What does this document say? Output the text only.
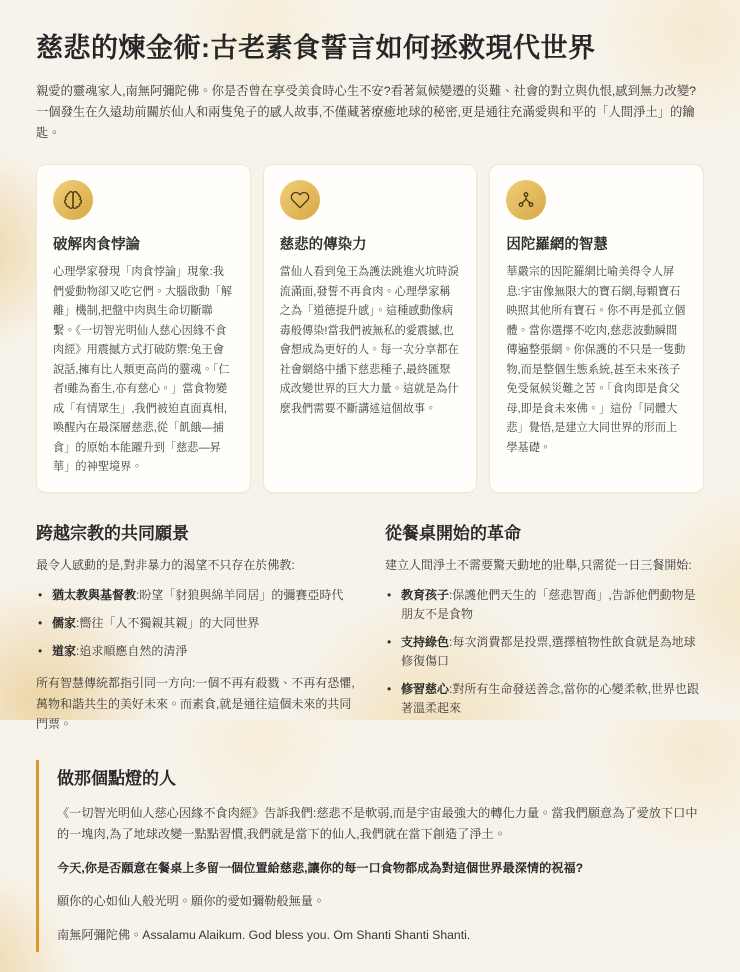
慈悲的煉金術:古老素食誓言如何拯救現代世界

親愛的靈魂家人,南無阿彌陀佛。你是否曾在享受美食時心生不安?看著氣候變遷的災難、社會的對立與仇恨,感到無力改變?一個發生在久遠劫前關於仙人和兩隻兔子的感人故事,不僅藏著療癒地球的秘密,更是通往充滿愛與和平的「人間淨土」的鑰匙。

破解肉食悖論

心理學家發現「肉食悖論」現象:我們愛動物卻又吃它們。大腦啟動「解離」機制,把盤中肉與生命切斷聯繫。《一切智光明仙人慈心因緣不食肉經》用震撼方式打破防禦:兔王會說話,擁有比人類更高尚的靈魂。「仁者!雖為畜生,亦有慈心。」當食物變成「有情眾生」,我們被迫直面真相,喚醒內在最深層慈悲,從「飢餓—捕食」的原始本能躍升到「慈悲—昇華」的神聖境界。

慈悲的傳染力

當仙人看到兔王為護法跳進火坑時淚流滿面,發誓不再食肉。心理學家稱之為「道德提升感」。這種感動像病毒般傳染!當我們被無私的愛震撼,也會想成為更好的人。每一次分享都在社會網絡中播下慈悲種子,最終匯聚成改變世界的巨大力量。這就是為什麼我們需要不斷講述這個故事。

因陀羅網的智慧

華嚴宗的因陀羅網比喻美得令人屏息:宇宙像無限大的寶石網,每顆寶石映照其他所有寶石。你不再是孤立個體。當你選擇不吃肉,慈悲波動瞬間傳遍整張網。你保護的不只是一隻動物,而是整個生態系統,甚至未來孩子免受氣候災難之苦。「食肉即是食父母,即是食未來佛。」這份「同體大悲」覺悟,是建立大同世界的形而上學基礎。

跨越宗教的共同願景

最令人感動的是,對非暴力的渴望不只存在於佛教:

• 猶太教與基督教:盼望「豺狼與綿羊同居」的彌賽亞時代
• 儒家:嚮往「人不獨親其親」的大同世界
• 道家:追求順應自然的清淨

所有智慧傳統都指引同一方向:一個不再有殺戮、不再有恐懼,萬物和諧共生的美好未來。而素食,就是通往這個未來的共同門票。

從餐桌開始的革命

建立人間淨土不需要驚天動地的壯舉,只需從一日三餐開始:

• 教育孩子:保護他們天生的「慈悲智商」,告訴他們動物是朋友不是食物
• 支持綠色:每次消費都是投票,選擇植物性飲食就是為地球修復傷口
• 修習慈心:對所有生命發送善念,當你的心變柔軟,世界也跟著溫柔起來
做那個點燈的人

《一切智光明仙人慈心因緣不食肉經》告訴我們:慈悲不是軟弱,而是宇宙最強大的轉化力量。當我們願意為了愛放下口中的一塊肉,為了地球改變一點點習慣,我們就是當下的仙人,我們就在當下創造了淨土。

今天,你是否願意在餐桌上多留一個位置給慈悲,讓你的每一口食物都成為對這個世界最深情的祝福?

願你的心如仙人般光明。願你的愛如彌勒般無量。

南無阿彌陀佛。Assalamu Alaikum. God bless you. Om Shanti Shanti Shanti.
